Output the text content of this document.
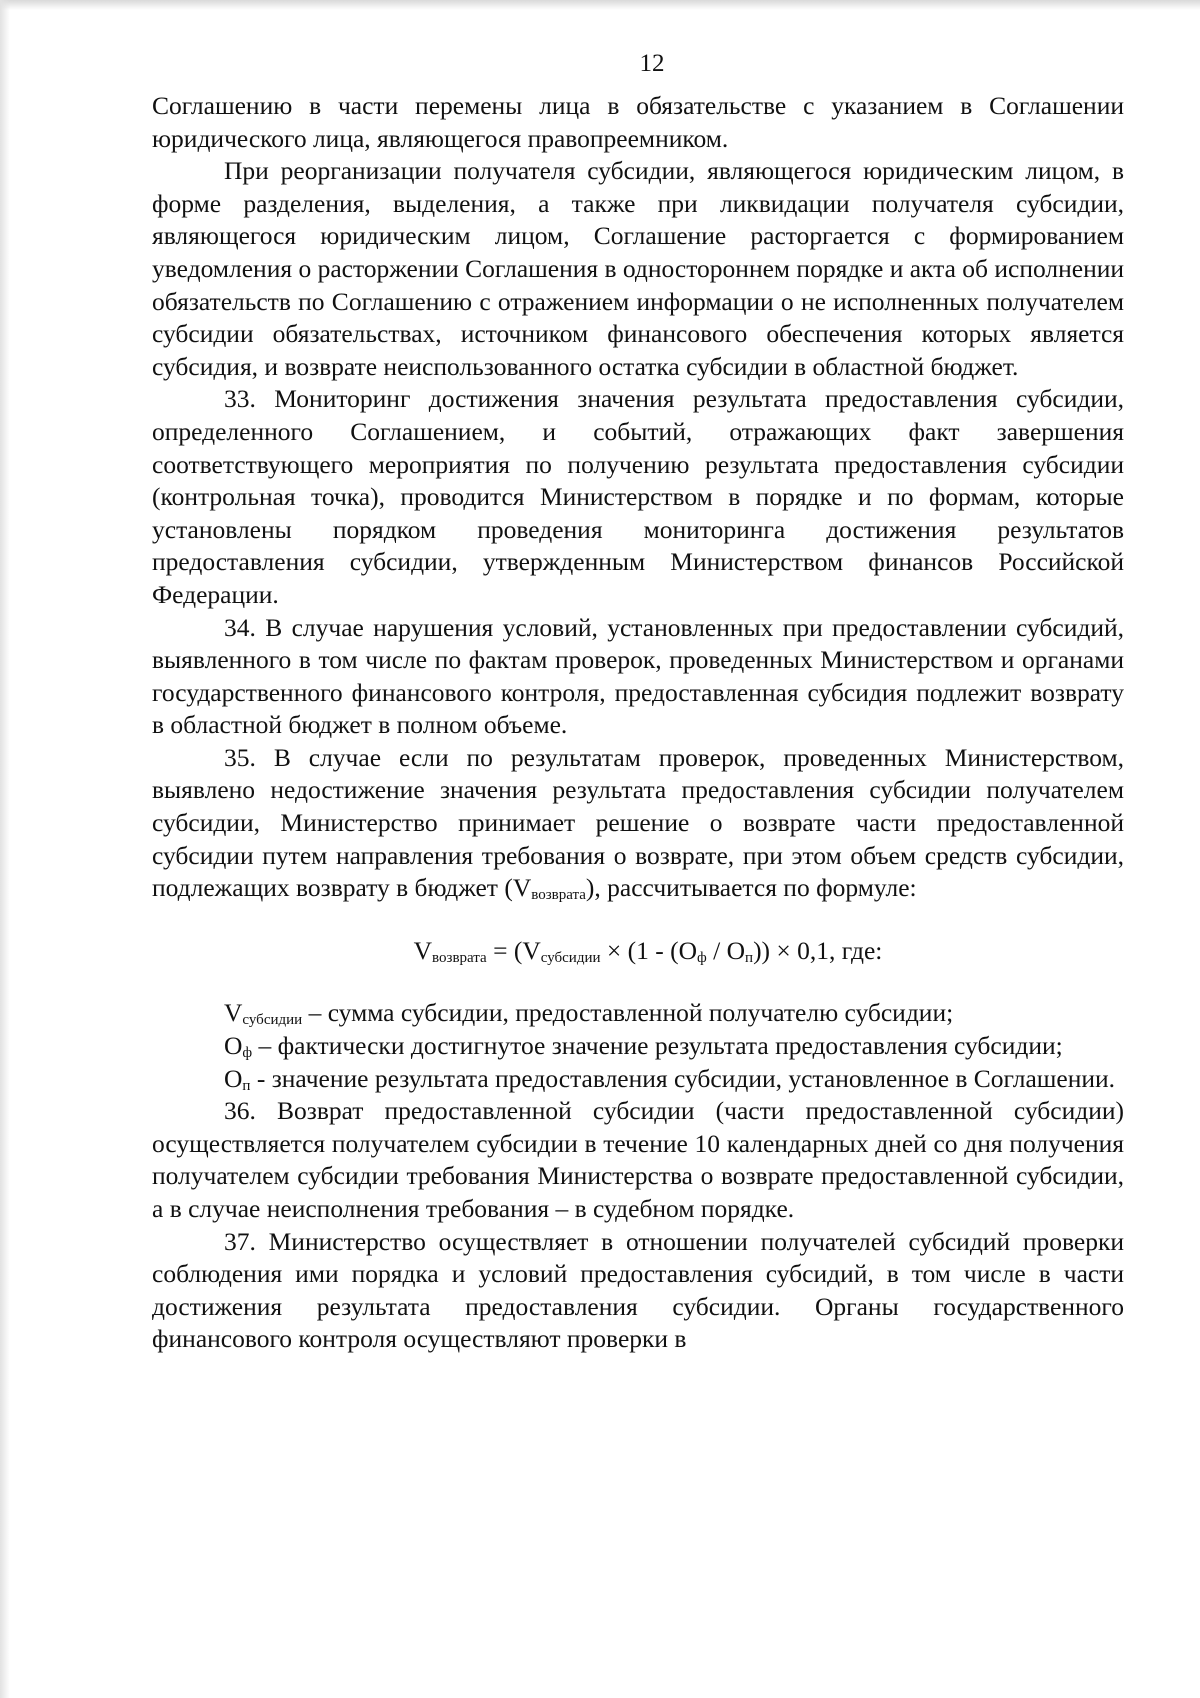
12

Соглашению в части перемены лица в обязательстве с указанием в Соглашении юридического лица, являющегося правопреемником.

При реорганизации получателя субсидии, являющегося юридическим лицом, в форме разделения, выделения, а также при ликвидации получателя субсидии, являющегося юридическим лицом, Соглашение расторгается с формированием уведомления о расторжении Соглашения в одностороннем порядке и акта об исполнении обязательств по Соглашению с отражением информации о не исполненных получателем субсидии обязательствах, источником финансового обеспечения которых является субсидия, и возврате неиспользованного остатка субсидии в областной бюджет.

33. Мониторинг достижения значения результата предоставления субсидии, определенного Соглашением, и событий, отражающих факт завершения соответствующего мероприятия по получению результата предоставления субсидии (контрольная точка), проводится Министерством в порядке и по формам, которые установлены порядком проведения мониторинга достижения результатов предоставления субсидии, утвержденным Министерством финансов Российской Федерации.

34. В случае нарушения условий, установленных при предоставлении субсидий, выявленного в том числе по фактам проверок, проведенных Министерством и органами государственного финансового контроля, предоставленная субсидия подлежит возврату в областной бюджет в полном объеме.

35. В случае если по результатам проверок, проведенных Министерством, выявлено недостижение значения результата предоставления субсидии получателем субсидии, Министерство принимает решение о возврате части предоставленной субсидии путем направления требования о возврате, при этом объем средств субсидии, подлежащих возврату в бюджет $(V_{возврата})$, рассчитывается по формуле:

$V_{возврата} = (V_{субсидии} \times (1 - (О_ф / О_п)) \times 0,1$, где:

$V_{субсидии}$ – сумма субсидии, предоставленной получателю субсидии;

$О_ф$ – фактически достигнутое значение результата предоставления субсидии;

$О_п$ - значение результата предоставления субсидии, установленное в Соглашении.

36. Возврат предоставленной субсидии (части предоставленной субсидии) осуществляется получателем субсидии в течение 10 календарных дней со дня получения получателем субсидии требования Министерства о возврате предоставленной субсидии, а в случае неисполнения требования – в судебном порядке.

37. Министерство осуществляет в отношении получателей субсидий проверки соблюдения ими порядка и условий предоставления субсидий, в том числе в части достижения результата предоставления субсидии. Органы государственного финансового контроля осуществляют проверки в
